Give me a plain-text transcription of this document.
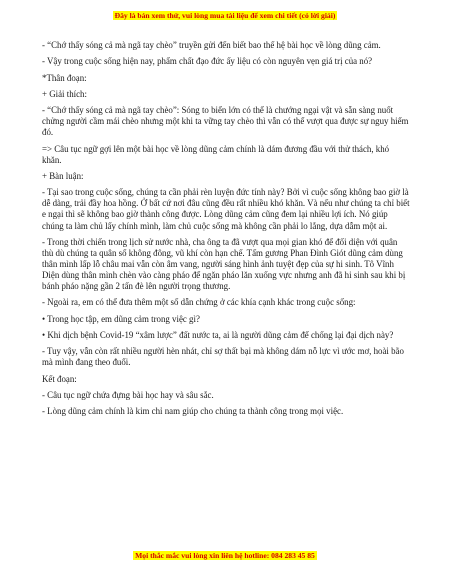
Đây là bản xem thử, vui lòng mua tài liệu để xem chi tiết (có lời giải)

- “Chớ thấy sóng cả mà ngã tay chèo” truyền gửi đến biết bao thế hệ bài học về lòng dũng cảm.

- Vậy trong cuộc sống hiện nay, phẩm chất đạo đức ấy liệu có còn nguyên vẹn giá trị của nó?

*Thân đoạn:

+ Giải thích:

- “Chớ thấy sóng cả mà ngã tay chèo”: Sóng to biển lớn có thể là chướng ngại vật và sẵn sàng nuốt chửng người cầm mái chèo nhưng một khi ta vững tay chèo thì vẫn có thể vượt qua được sự nguy hiểm đó.

=> Câu tục ngữ gợi lên một bài học về lòng dũng cảm chính là dám đương đầu với thử thách, khó khăn.

+ Bàn luận:

- Tại sao trong cuộc sống, chúng ta cần phải rèn luyện đức tính này? Bởi vì cuộc sống không bao giờ là dễ dàng, trải đầy hoa hồng. Ở bất cứ nơi đâu cũng đều rất nhiều khó khăn. Và nếu như chúng ta chỉ biết e ngại thì sẽ không bao giờ thành công được. Lòng dũng cảm cũng đem lại nhiều lợi ích. Nó giúp chúng ta làm chủ lấy chính mình, làm chủ cuộc sống mà không cần phải lo lắng, dựa dẫm một ai.

- Trong thời chiến trong lịch sử nước nhà, cha ông ta đã vượt qua mọi gian khó để đối diện với quân thù dù chúng ta quân số không đông, vũ khí còn hạn chế. Tấm gương Phan Đình Giót dũng cảm dùng thân mình lấp lỗ châu mai vẫn còn âm vang, người sáng hình ảnh tuyệt đẹp của sự hi sinh. Tô Vĩnh Diện dùng thân mình chèn vào càng pháo để ngăn pháo lăn xuống vực nhưng anh đã hi sinh sau khi bị bánh pháo nặng gần 2 tấn đè lên người trọng thương.

- Ngoài ra, em có thể đưa thêm một số dẫn chứng ở các khía cạnh khác trong cuộc sống:

• Trong học tập, em dũng cảm trong việc gì?

• Khi dịch bệnh Covid-19 “xâm lược” đất nước ta, ai là người dũng cảm để chống lại đại dịch này?

- Tuy vậy, vẫn còn rất nhiều người hèn nhát, chỉ sợ thất bại mà không dám nỗ lực vì ước mơ, hoài bão mà mình đang theo đuổi.

Kết đoạn:

- Câu tục ngữ chứa đựng bài học hay và sâu sắc.

- Lòng dũng cảm chính là kim chỉ nam giúp cho chúng ta thành công trong mọi việc.

Mọi thắc mắc vui lòng xin liên hệ hotline: 084 283 45 85
